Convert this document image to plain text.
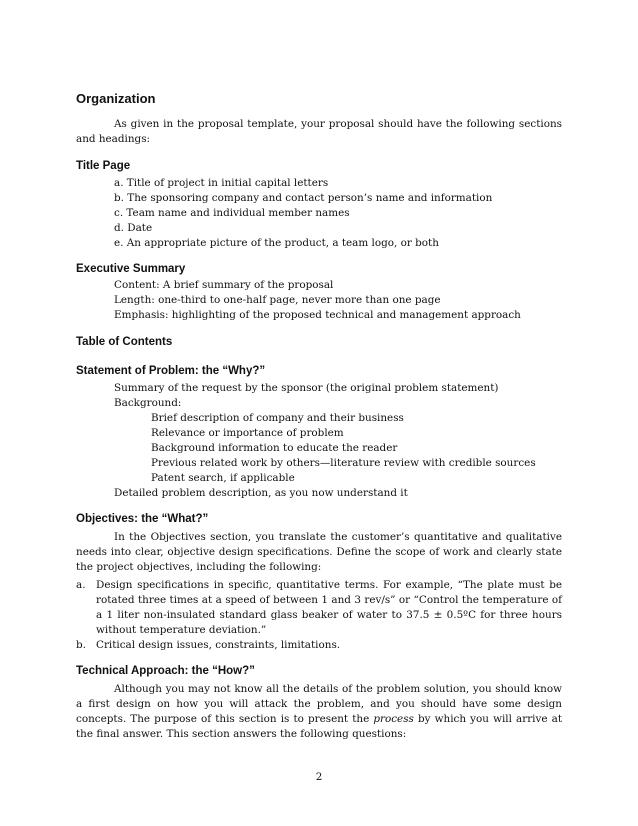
Organization

As given in the proposal template, your proposal should have the following sections and headings:

Title Page
a. Title of project in initial capital letters
b. The sponsoring company and contact person’s name and information
c. Team name and individual member names
d. Date
e. An appropriate picture of the product, a team logo, or both
Executive Summary
Content: A brief summary of the proposal
Length: one-third to one-half page, never more than one page
Emphasis: highlighting of the proposed technical and management approach
Table of Contents
Statement of Problem: the “Why?”
Summary of the request by the sponsor (the original problem statement)
Background:
Brief description of company and their business
Relevance or importance of problem
Background information to educate the reader
Previous related work by others—literature review with credible sources
Patent search, if applicable
Detailed problem description, as you now understand it
Objectives: the “What?”

In the Objectives section, you translate the customer’s quantitative and qualitative needs into clear, objective design specifications. Define the scope of work and clearly state the project objectives, including the following:

a. Design specifications in specific, quantitative terms. For example, “The plate must be rotated three times at a speed of between 1 and 3 rev/s” or “Control the temperature of a 1 liter non-insulated standard glass beaker of water to 37.5 ± 0.5ºC for three hours without temperature deviation.”
b. Critical design issues, constraints, limitations.
Technical Approach: the “How?”

Although you may not know all the details of the problem solution, you should know a first design on how you will attack the problem, and you should have some design concepts. The purpose of this section is to present the process by which you will arrive at the final answer. This section answers the following questions:

2
